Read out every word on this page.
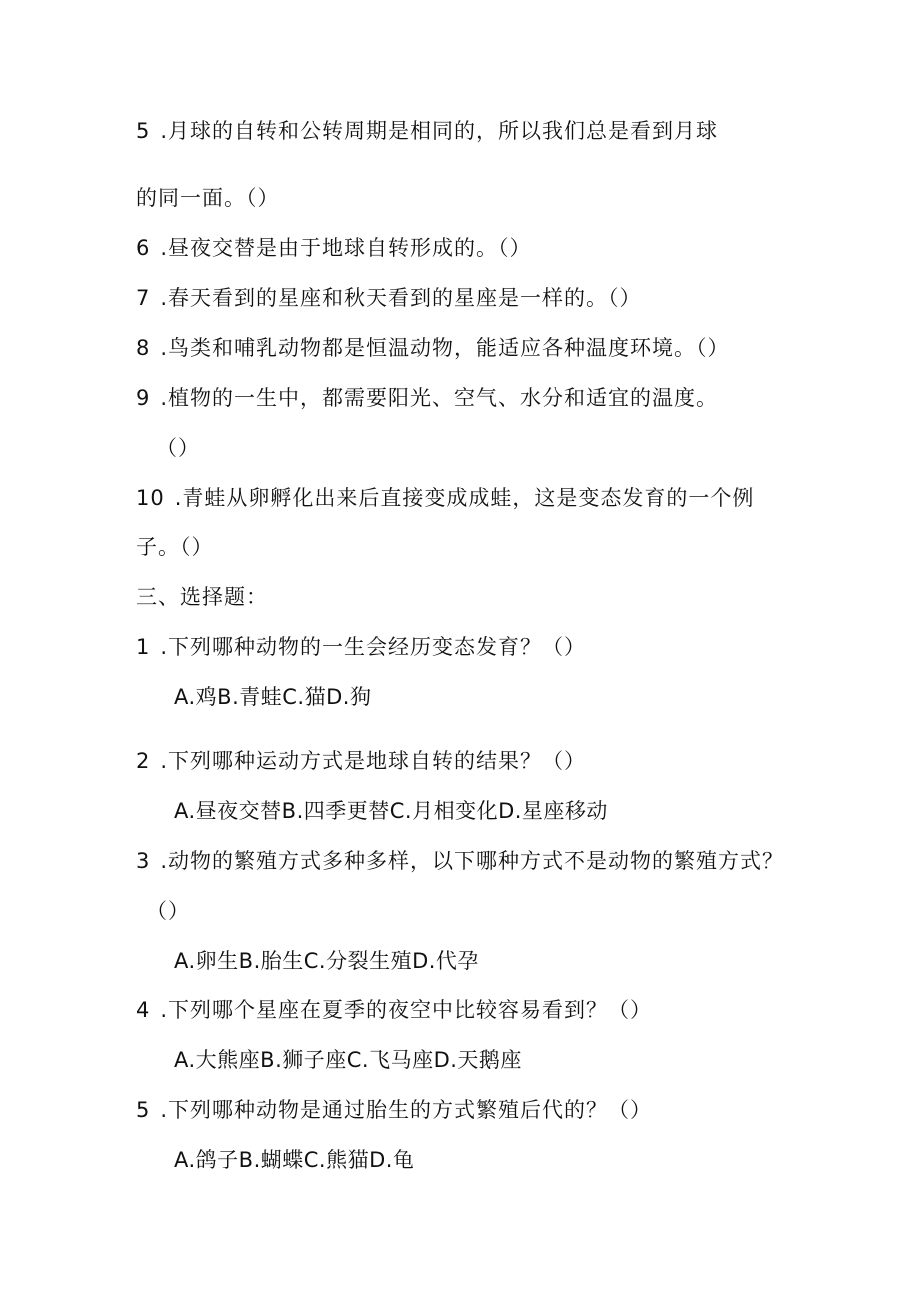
5 .月球的自转和公转周期是相同的，所以我们总是看到月球
的同一面。（）
6 .昼夜交替是由于地球自转形成的。（）
7 .春天看到的星座和秋天看到的星座是一样的。（）
8 .鸟类和哺乳动物都是恒温动物，能适应各种温度环境。（）
9 .植物的一生中，都需要阳光、空气、水分和适宜的温度。
（）
10 .青蛙从卵孵化出来后直接变成成蛙，这是变态发育的一个例
子。（）
三、选择题：
1 .下列哪种动物的一生会经历变态发育？（）
A.鸡B.青蛙C.猫D.狗
2 .下列哪种运动方式是地球自转的结果？（）
A.昼夜交替B.四季更替C.月相变化D.星座移动
3 .动物的繁殖方式多种多样，以下哪种方式不是动物的繁殖方式？
（）
A.卵生B.胎生C.分裂生殖D.代孕
4 .下列哪个星座在夏季的夜空中比较容易看到？（）
A.大熊座B.狮子座C.飞马座D.天鹅座
5 .下列哪种动物是通过胎生的方式繁殖后代的？（）
A.鸽子B.蝴蝶C.熊猫D.龟
